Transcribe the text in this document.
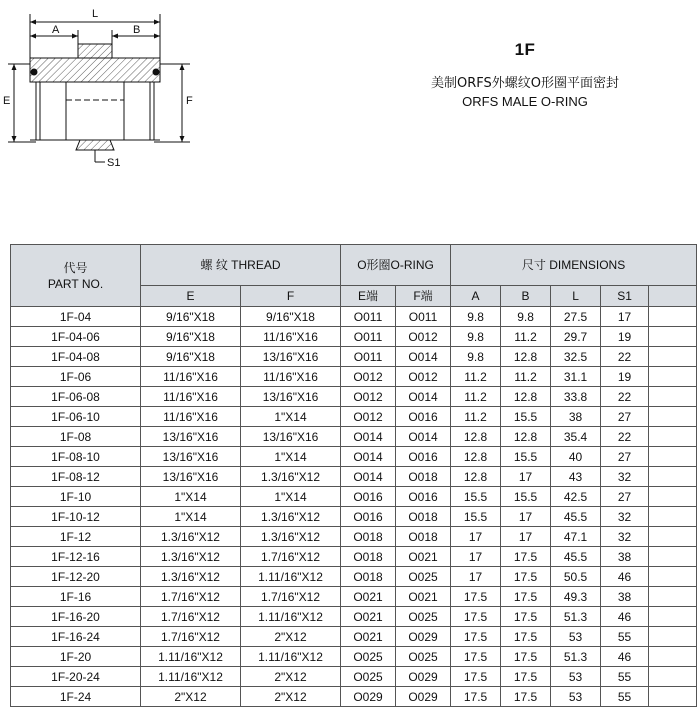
L
A	B
E	F
S1
1F
美制ORFS外螺纹O形圈平面密封
ORFS MALE O-RING
代号
PART NO.	螺 纹 THREAD		O形圈O-RING		尺寸 DIMENSIONS				
	E	F	E端	F端	A	B	L	S1	
1F-04	9/16"X18	9/16"X18	O011	O011	9.8	9.8	27.5	17	
1F-04-06	9/16"X18	11/16"X16	O011	O012	9.8	11.2	29.7	19	
1F-04-08	9/16"X18	13/16"X16	O011	O014	9.8	12.8	32.5	22	
1F-06	11/16"X16	11/16"X16	O012	O012	11.2	11.2	31.1	19	
1F-06-08	11/16"X16	13/16"X16	O012	O014	11.2	12.8	33.8	22	
1F-06-10	11/16"X16	1"X14	O012	O016	11.2	15.5	38	27	
1F-08	13/16"X16	13/16"X16	O014	O014	12.8	12.8	35.4	22	
1F-08-10	13/16"X16	1"X14	O014	O016	12.8	15.5	40	27	
1F-08-12	13/16"X16	1.3/16"X12	O014	O018	12.8	17	43	32	
1F-10	1"X14	1"X14	O016	O016	15.5	15.5	42.5	27	
1F-10-12	1"X14	1.3/16"X12	O016	O018	15.5	17	45.5	32	
1F-12	1.3/16"X12	1.3/16"X12	O018	O018	17	17	47.1	32	
1F-12-16	1.3/16"X12	1.7/16"X12	O018	O021	17	17.5	45.5	38	
1F-12-20	1.3/16"X12	1.11/16"X12	O018	O025	17	17.5	50.5	46	
1F-16	1.7/16"X12	1.7/16"X12	O021	O021	17.5	17.5	49.3	38	
1F-16-20	1.7/16"X12	1.11/16"X12	O021	O025	17.5	17.5	51.3	46	
1F-16-24	1.7/16"X12	2"X12	O021	O029	17.5	17.5	53	55	
1F-20	1.11/16"X12	1.11/16"X12	O025	O025	17.5	17.5	51.3	46	
1F-20-24	1.11/16"X12	2"X12	O025	O029	17.5	17.5	53	55	
1F-24	2"X12	2"X12	O029	O029	17.5	17.5	53	55	
